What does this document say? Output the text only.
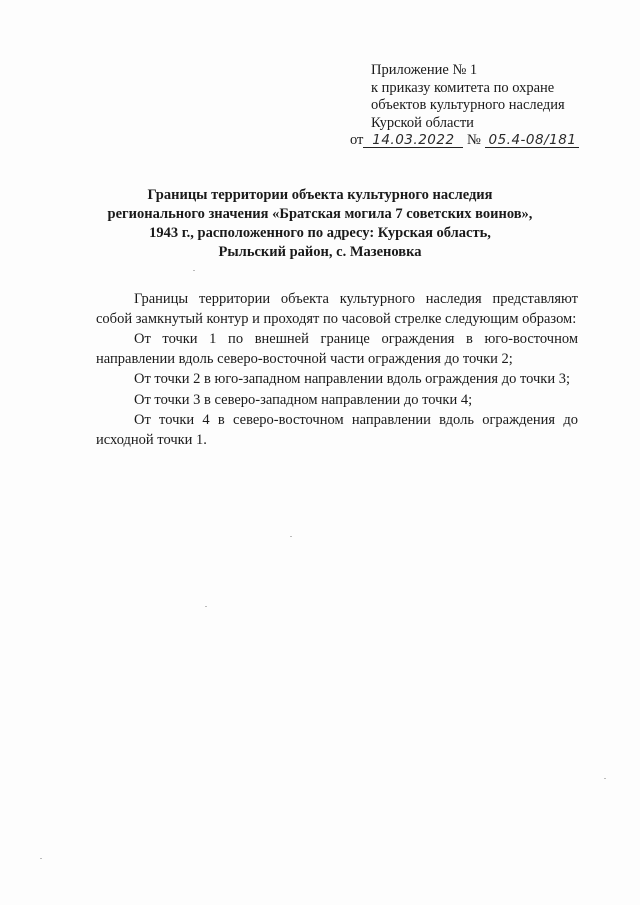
Приложение № 1
к приказу комитета по охране
объектов культурного наследия
Курской области
от 14.03.2022 № 05.4-08/181
Границы территории объекта культурного наследия
регионального значения «Братская могила 7 советских воинов»,
1943 г., расположенного по адресу: Курская область,
Рыльский район, с. Мазеновка

Границы территории объекта культурного наследия представляют собой замкнутый контур и проходят по часовой стрелке следующим образом:

От точки 1 по внешней границе ограждения в юго-восточном направлении вдоль северо-восточной части ограждения до точки 2;

От точки 2 в юго-западном направлении вдоль ограждения до точки 3;

От точки 3 в северо-западном направлении до точки 4;

От точки 4 в северо-восточном направлении вдоль ограждения до исходной точки 1.
